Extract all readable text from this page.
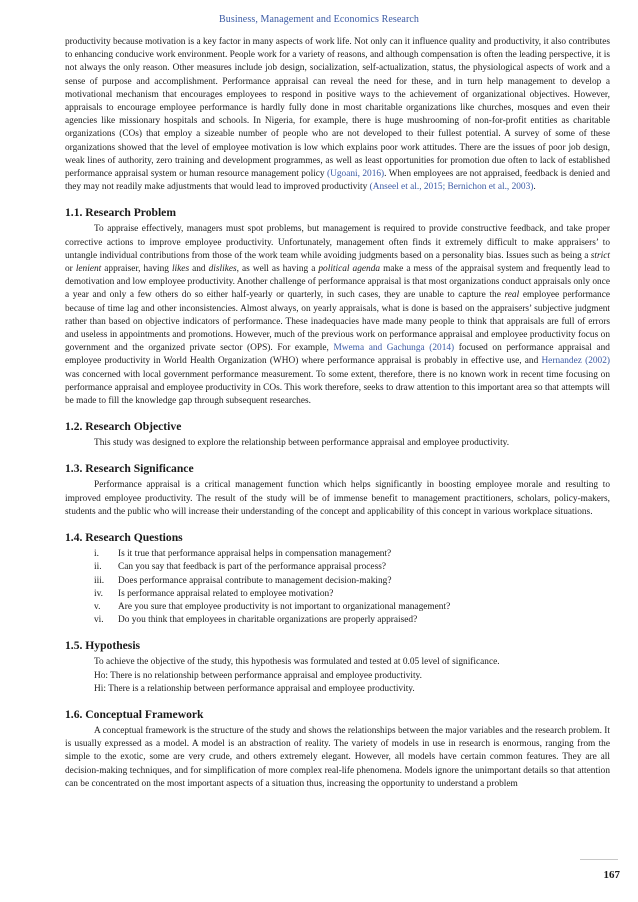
Business, Management and Economics Research

productivity because motivation is a key factor in many aspects of work life. Not only can it influence quality and productivity, it also contributes to enhancing conducive work environment. People work for a variety of reasons, and although compensation is often the leading perspective, it is not always the only reason. Other measures include job design, socialization, self-actualization, status, the physiological aspects of work and a sense of purpose and accomplishment. Performance appraisal can reveal the need for these, and in turn help management to develop a motivational mechanism that encourages employees to respond in positive ways to the achievement of organizational objectives. However, appraisals to encourage employee performance is hardly fully done in most charitable organizations like churches, mosques and even their agencies like missionary hospitals and schools. In Nigeria, for example, there is huge mushrooming of non-for-profit entities as charitable organizations (COs) that employ a sizeable number of people who are not developed to their fullest potential. A survey of some of these organizations showed that the level of employee motivation is low which explains poor work attitudes. There are the issues of poor job design, weak lines of authority, zero training and development programmes, as well as least opportunities for promotion due often to lack of established performance appraisal system or human resource management policy (Ugoani, 2016). When employees are not appraised, feedback is denied and they may not readily make adjustments that would lead to improved productivity (Anseel et al., 2015; Bernichon et al., 2003).

1.1. Research Problem

To appraise effectively, managers must spot problems, but management is required to provide constructive feedback, and take proper corrective actions to improve employee productivity. Unfortunately, management often finds it extremely difficult to make appraisers’ to untangle individual contributions from those of the work team while avoiding judgments based on a personality bias. Issues such as being a strict or lenient appraiser, having likes and dislikes, as well as having a political agenda make a mess of the appraisal system and frequently lead to demotivation and low employee productivity. Another challenge of performance appraisal is that most organizations conduct appraisals only once a year and only a few others do so either half-yearly or quarterly, in such cases, they are unable to capture the real employee performance because of time lag and other inconsistencies. Almost always, on yearly appraisals, what is done is based on the appraisers’ subjective judgment rather than based on objective indicators of performance. These inadequacies have made many people to think that appraisals are full of errors and useless in appointments and promotions. However, much of the previous work on performance appraisal and employee productivity focus on government and the organized private sector (OPS). For example, Mwema and Gachunga (2014) focused on performance appraisal and employee productivity in World Health Organization (WHO) where performance appraisal is probably in effective use, and Hernandez (2002) was concerned with local government performance measurement. To some extent, therefore, there is no known work in recent time focusing on performance appraisal and employee productivity in COs. This work therefore, seeks to draw attention to this important area so that attempts will be made to fill the knowledge gap through subsequent researches.

1.2. Research Objective

This study was designed to explore the relationship between performance appraisal and employee productivity.

1.3. Research Significance

Performance appraisal is a critical management function which helps significantly in boosting employee morale and resulting to improved employee productivity. The result of the study will be of immense benefit to management practitioners, scholars, policy-makers, students and the public who will increase their understanding of the concept and applicability of this concept in various workplace situations.

1.4. Research Questions
i.	Is it true that performance appraisal helps in compensation management?
ii.	Can you say that feedback is part of the performance appraisal process?
iii.	Does performance appraisal contribute to management decision-making?
iv.	Is performance appraisal related to employee motivation?
v.	Are you sure that employee productivity is not important to organizational management?
vi.	Do you think that employees in charitable organizations are properly appraised?
1.5. Hypothesis
To achieve the objective of the study, this hypothesis was formulated and tested at 0.05 level of significance.
Ho: There is no relationship between performance appraisal and employee productivity.
Hi: There is a relationship between performance appraisal and employee productivity.
1.6. Conceptual Framework

A conceptual framework is the structure of the study and shows the relationships between the major variables and the research problem. It is usually expressed as a model. A model is an abstraction of reality. The variety of models in use in research is enormous, ranging from the simple to the exotic, some are very crude, and others extremely elegant. However, all models have certain common features. They are all decision-making techniques, and for simplification of more complex real-life phenomena. Models ignore the unimportant details so that attention can be concentrated on the most important aspects of a situation thus, increasing the opportunity to understand a problem

167
